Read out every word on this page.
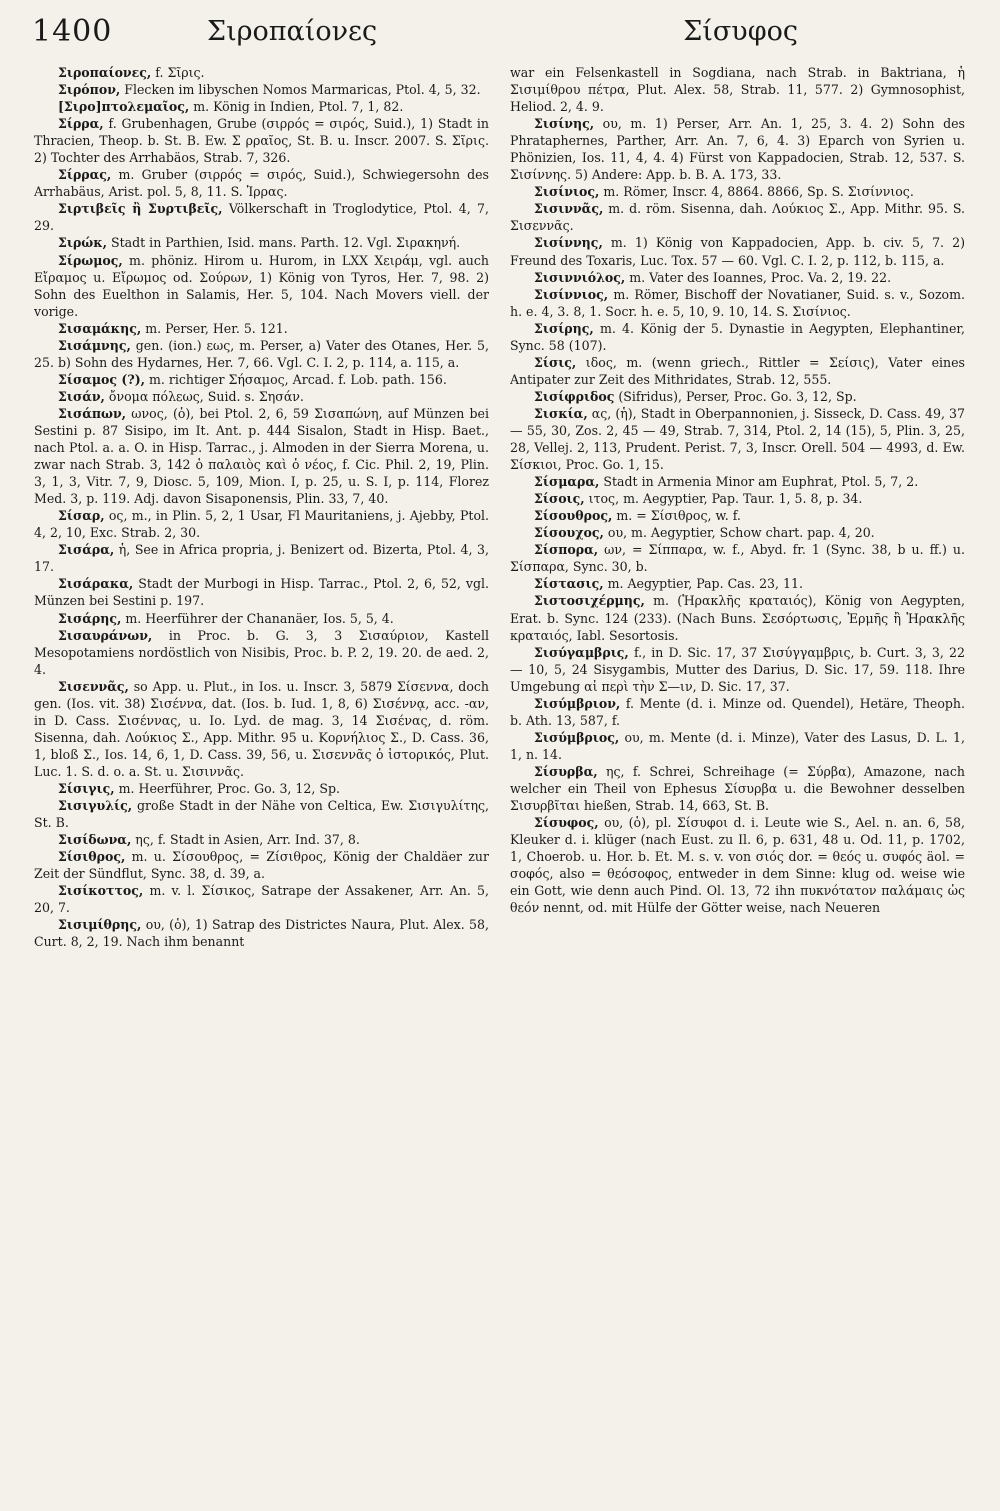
1400	Σιροπαίονες	Σίσυφος

Σιροπαίονες, f. Σῖρις.

Σιρόπον, Flecken im libyschen Nomos Marmaricas, Ptol. 4, 5, 32.

[Σιρο]πτολεμαῖος, m. König in Indien, Ptol. 7, 1, 82.

Σίρρα, f. Grubenhagen, Grube (σιρρός = σιρός, Suid.), 1) Stadt in Thracien, Theop. b. St. B. Ew. Σ ρραῖος, St. B. u. Inscr. 2007. S. Σῖρις. 2) Tochter des Arrhabäos, Strab. 7, 326.

Σίρρας, m. Gruber (σιρρός = σιρός, Suid.), Schwiegersohn des Arrhabäus, Arist. pol. 5, 8, 11. S. Ἰρρας.

Σιρτιβεῖς ἢ Συρτιβεῖς, Völkerschaft in Troglodytice, Ptol. 4, 7, 29.

Σιρώκ, Stadt in Parthien, Isid. mans. Parth. 12. Vgl. Σιρακηνή.

Σίρωμος, m. phöniz. Hirom u. Hurom, in LXX Χειράμ, vgl. auch Εἴραμος u. Εἴρωμος od. Σούρων, 1) König von Tyros, Her. 7, 98. 2) Sohn des Euelthon in Salamis, Her. 5, 104. Nach Movers viell. der vorige.

Σισαμάκης, m. Perser, Her. 5. 121.

Σισάμνης, gen. (ion.) εως, m. Perser, a) Vater des Otanes, Her. 5, 25. b) Sohn des Hydarnes, Her. 7, 66. Vgl. C. I. 2, p. 114, a. 115, a.

Σίσαμος (?), m. richtiger Σήσαμος, Arcad. f. Lob. path. 156.

Σισάν, ὄνομα πόλεως, Suid. s. Σησάν.

Σισάπων, ωνος, (ὁ), bei Ptol. 2, 6, 59 Σισαπώνη, auf Münzen bei Sestini p. 87 Sisipo, im It. Ant. p. 444 Sisalon, Stadt in Hisp. Baet., nach Ptol. a. a. O. in Hisp. Tarrac., j. Almoden in der Sierra Morena, u. zwar nach Strab. 3, 142 ὁ παλαιὸς καὶ ὁ νέος, f. Cic. Phil. 2, 19, Plin. 3, 1, 3, Vitr. 7, 9, Diosc. 5, 109, Mion. I, p. 25, u. S. I, p. 114, Florez Med. 3, p. 119. Adj. davon Sisaponensis, Plin. 33, 7, 40.

Σίσαρ, ος, m., in Plin. 5, 2, 1 Usar, Fl Mauritaniens, j. Ajebby, Ptol. 4, 2, 10, Exc. Strab. 2, 30.

Σισάρα, ἡ, See in Africa propria, j. Benizert od. Bizerta, Ptol. 4, 3, 17.

Σισάρακα, Stadt der Murbogi in Hisp. Tarrac., Ptol. 2, 6, 52, vgl. Münzen bei Sestini p. 197.

Σισάρης, m. Heerführer der Chananäer, Ios. 5, 5, 4.

Σισαυράνων, in Proc. b. G. 3, 3 Σισαύριον, Kastell Mesopotamiens nordöstlich von Nisibis, Proc. b. P. 2, 19. 20. de aed. 2, 4.

Σισεννᾶς, so App. u. Plut., in Ios. u. Inscr. 3, 5879 Σίσεννα, doch gen. (Ios. vit. 38) Σισέννα, dat. (Ios. b. Iud. 1, 8, 6) Σισέννᾳ, acc. -αν, in D. Cass. Σισέννας, u. Io. Lyd. de mag. 3, 14 Σισένας, d. röm. Sisenna, dah. Λούκιος Σ., App. Mithr. 95 u. Κορνήλιος Σ., D. Cass. 36, 1, bloß Σ., Ios. 14, 6, 1, D. Cass. 39, 56, u. Σισεννᾶς ὁ ἱστορικός, Plut. Luc. 1. S. d. o. a. St. u. Σισιννᾶς.

Σίσιγις, m. Heerführer, Proc. Go. 3, 12, Sp.

Σισιγυλίς, große Stadt in der Nähe von Celtica, Ew. Σισιγυλίτης, St. B.

Σισίδωνα, ης, f. Stadt in Asien, Arr. Ind. 37, 8.

Σίσιθρος, m. u. Σίσουθρος, = Ζίσιθρος, König der Chaldäer zur Zeit der Sündflut, Sync. 38, d. 39, a.

Σισίκοττος, m. v. l. Σίσικος, Satrape der Assakener, Arr. An. 5, 20, 7.

Σισιμίθρης, ου, (ὁ), 1) Satrap des Districtes Naura, Plut. Alex. 58, Curt. 8, 2, 19. Nach ihm benannt

war ein Felsenkastell in Sogdiana, nach Strab. in Baktriana, ἡ Σισιμίθρου πέτρα, Plut. Alex. 58, Strab. 11, 577. 2) Gymnosophist, Heliod. 2, 4. 9.

Σισίνης, ου, m. 1) Perser, Arr. An. 1, 25, 3. 4. 2) Sohn des Phrataphernes, Parther, Arr. An. 7, 6, 4. 3) Eparch von Syrien u. Phönizien, Ios. 11, 4, 4. 4) Fürst von Kappadocien, Strab. 12, 537. S. Σισίννης. 5) Andere: App. b. B. A. 173, 33.

Σισίνιος, m. Römer, Inscr. 4, 8864. 8866, Sp. S. Σισίννιος.

Σισιννᾶς, m. d. röm. Sisenna, dah. Λούκιος Σ., App. Mithr. 95. S. Σισεννᾶς.

Σισίννης, m. 1) König von Kappadocien, App. b. civ. 5, 7. 2) Freund des Toxaris, Luc. Tox. 57 — 60. Vgl. C. I. 2, p. 112, b. 115, a.

Σισιννιόλος, m. Vater des Ioannes, Proc. Va. 2, 19. 22.

Σισίννιος, m. Römer, Bischoff der Novatianer, Suid. s. v., Sozom. h. e. 4, 3. 8, 1. Socr. h. e. 5, 10, 9. 10, 14. S. Σισίνιος.

Σισίρης, m. 4. König der 5. Dynastie in Aegypten, Elephantiner, Sync. 58 (107).

Σίσις, ιδος, m. (wenn griech., Rittler = Σείσις), Vater eines Antipater zur Zeit des Mithridates, Strab. 12, 555.

Σισίφριδος (Sifridus), Perser, Proc. Go. 3, 12, Sp.

Σισκία, ας, (ἡ), Stadt in Oberpannonien, j. Sisseck, D. Cass. 49, 37 — 55, 30, Zos. 2, 45 — 49, Strab. 7, 314, Ptol. 2, 14 (15), 5, Plin. 3, 25, 28, Vellej. 2, 113, Prudent. Perist. 7, 3, Inscr. Orell. 504 — 4993, d. Ew. Σίσκιοι, Proc. Go. 1, 15.

Σίσμαρα, Stadt in Armenia Minor am Euphrat, Ptol. 5, 7, 2.

Σίσοις, ιτος, m. Aegyptier, Pap. Taur. 1, 5. 8, p. 34.

Σίσουθρος, m. = Σίσιθρος, w. f.

Σίσουχος, ου, m. Aegyptier, Schow chart. pap. 4, 20.

Σίσπορα, ων, = Σίππαρα, w. f., Abyd. fr. 1 (Sync. 38, b u. ff.) u. Σίσπαρα, Sync. 30, b.

Σίστασις, m. Aegyptier, Pap. Cas. 23, 11.

Σιστοσιχέρμης, m. (Ἡρακλῆς κραταιός), König von Aegypten, Erat. b. Sync. 124 (233). (Nach Buns. Σεσόρτωσις, Ἑρμῆς ἢ Ἡρακλῆς κραταιός, Iabl. Sesortosis.

Σισύγαμβρις, f., in D. Sic. 17, 37 Σισύγγαμβρις, b. Curt. 3, 3, 22 — 10, 5, 24 Sisygambis, Mutter des Darius, D. Sic. 17, 59. 118. Ihre Umgebung αἱ περὶ τὴν Σ—ιν, D. Sic. 17, 37.

Σισύμβριον, f. Mente (d. i. Minze od. Quendel), Hetäre, Theoph. b. Ath. 13, 587, f.

Σισύμβριος, ου, m. Mente (d. i. Minze), Vater des Lasus, D. L. 1, 1, n. 14.

Σίσυρβα, ης, f. Schrei, Schreihage (= Σύρβα), Amazone, nach welcher ein Theil von Ephesus Σίσυρβα u. die Bewohner desselben Σισυρβῖται hießen, Strab. 14, 663, St. B.

Σίσυφος, ου, (ὁ), pl. Σίσυφοι d. i. Leute wie S., Ael. n. an. 6, 58, Kleuker d. i. klüger (nach Eust. zu Il. 6, p. 631, 48 u. Od. 11, p. 1702, 1, Choerob. u. Hor. b. Et. M. s. v. von σιός dor. = θεός u. συφός äol. = σοφός, also = θεόσοφος, entweder in dem Sinne: klug od. weise wie ein Gott, wie denn auch Pind. Ol. 13, 72 ihn πυκνότατον παλάμαις ὡς θεόν nennt, od. mit Hülfe der Götter weise, nach Neueren
